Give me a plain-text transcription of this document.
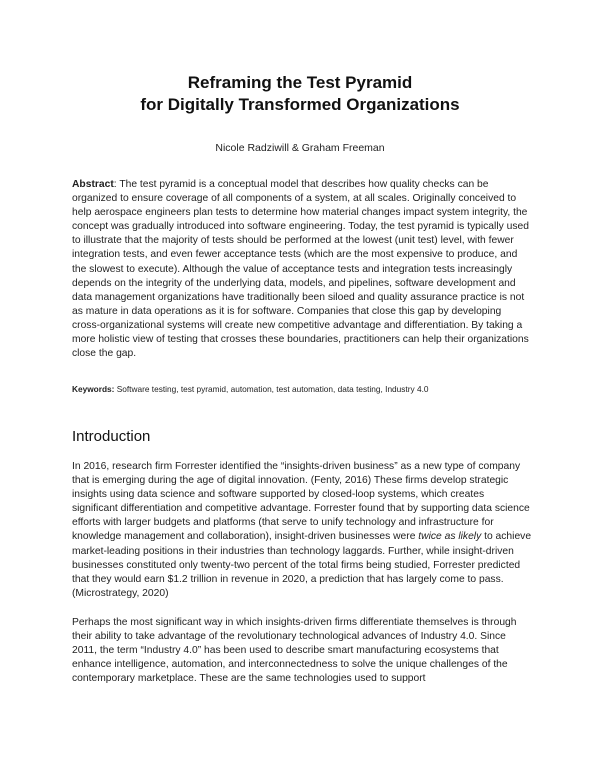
Reframing the Test Pyramid
for Digitally Transformed Organizations
Nicole Radziwill & Graham Freeman

Abstract: The test pyramid is a conceptual model that describes how quality checks can be organized to ensure coverage of all components of a system, at all scales. Originally conceived to help aerospace engineers plan tests to determine how material changes impact system integrity, the concept was gradually introduced into software engineering. Today, the test pyramid is typically used to illustrate that the majority of tests should be performed at the lowest (unit test) level, with fewer integration tests, and even fewer acceptance tests (which are the most expensive to produce, and the slowest to execute). Although the value of acceptance tests and integration tests increasingly depends on the integrity of the underlying data, models, and pipelines, software development and data management organizations have traditionally been siloed and quality assurance practice is not as mature in data operations as it is for software. Companies that close this gap by developing cross-organizational systems will create new competitive advantage and differentiation. By taking a more holistic view of testing that crosses these boundaries, practitioners can help their organizations close the gap.

Keywords: Software testing, test pyramid, automation, test automation, data testing, Industry 4.0

Introduction

In 2016, research firm Forrester identified the “insights-driven business” as a new type of company that is emerging during the age of digital innovation. (Fenty, 2016) These firms develop strategic insights using data science and software supported by closed-loop systems, which creates significant differentiation and competitive advantage. Forrester found that by supporting data science efforts with larger budgets and platforms (that serve to unify technology and infrastructure for knowledge management and collaboration), insight-driven businesses were twice as likely to achieve market-leading positions in their industries than technology laggards. Further, while insight-driven businesses constituted only twenty-two percent of the total firms being studied, Forrester predicted that they would earn $1.2 trillion in revenue in 2020, a prediction that has largely come to pass. (Microstrategy, 2020)

Perhaps the most significant way in which insights-driven firms differentiate themselves is through their ability to take advantage of the revolutionary technological advances of Industry 4.0. Since 2011, the term “Industry 4.0” has been used to describe smart manufacturing ecosystems that enhance intelligence, automation, and interconnectedness to solve the unique challenges of the contemporary marketplace. These are the same technologies used to support
